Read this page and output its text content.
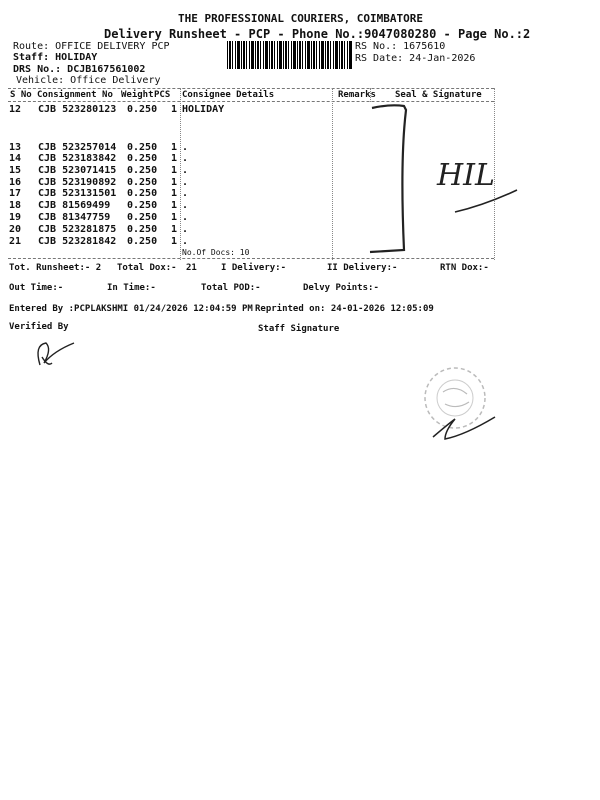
THE PROFESSIONAL COURIERS, COIMBATORE
Delivery Runsheet - PCP - Phone No.:9047080280 - Page No.:2
Route: OFFICE DELIVERY PCP
Staff: HOLIDAY
DRS No.: DCJB167561002
Vehicle: Office Delivery
RS No.: 1675610
RS Date: 24-Jan-2026
S No Consignment No Weight PCS Consignee Details	Remarks Seal & Signature
12 CJB 523280123 0.250 1 HOLIDAY
13 CJB 523257014 0.250 1 .
14 CJB 523183842 0.250 1 .
15 CJB 523071415 0.250 1 .
16 CJB 523190892 0.250 1 .
17 CJB 523131501 0.250 1 .
18 CJB 81569499 0.250 1 .
19 CJB 81347759 0.250 1 .
20 CJB 523281875 0.250 1 .
21 CJB 523281842 0.250 1 .
No.Of Docs: 10
Tot. Runsheet:- 2 Total Dox:- 21	I Delivery:-	II Delivery:-	RTN Dox:-
Out Time:-	In Time:-	Total POD:-	Delvy Points:-
Entered By :PCPLAKSHMI 01/24/2026 12:04:59 PM Reprinted on: 24-01-2026 12:05:09
Verified By	Staff Signature
HIL
